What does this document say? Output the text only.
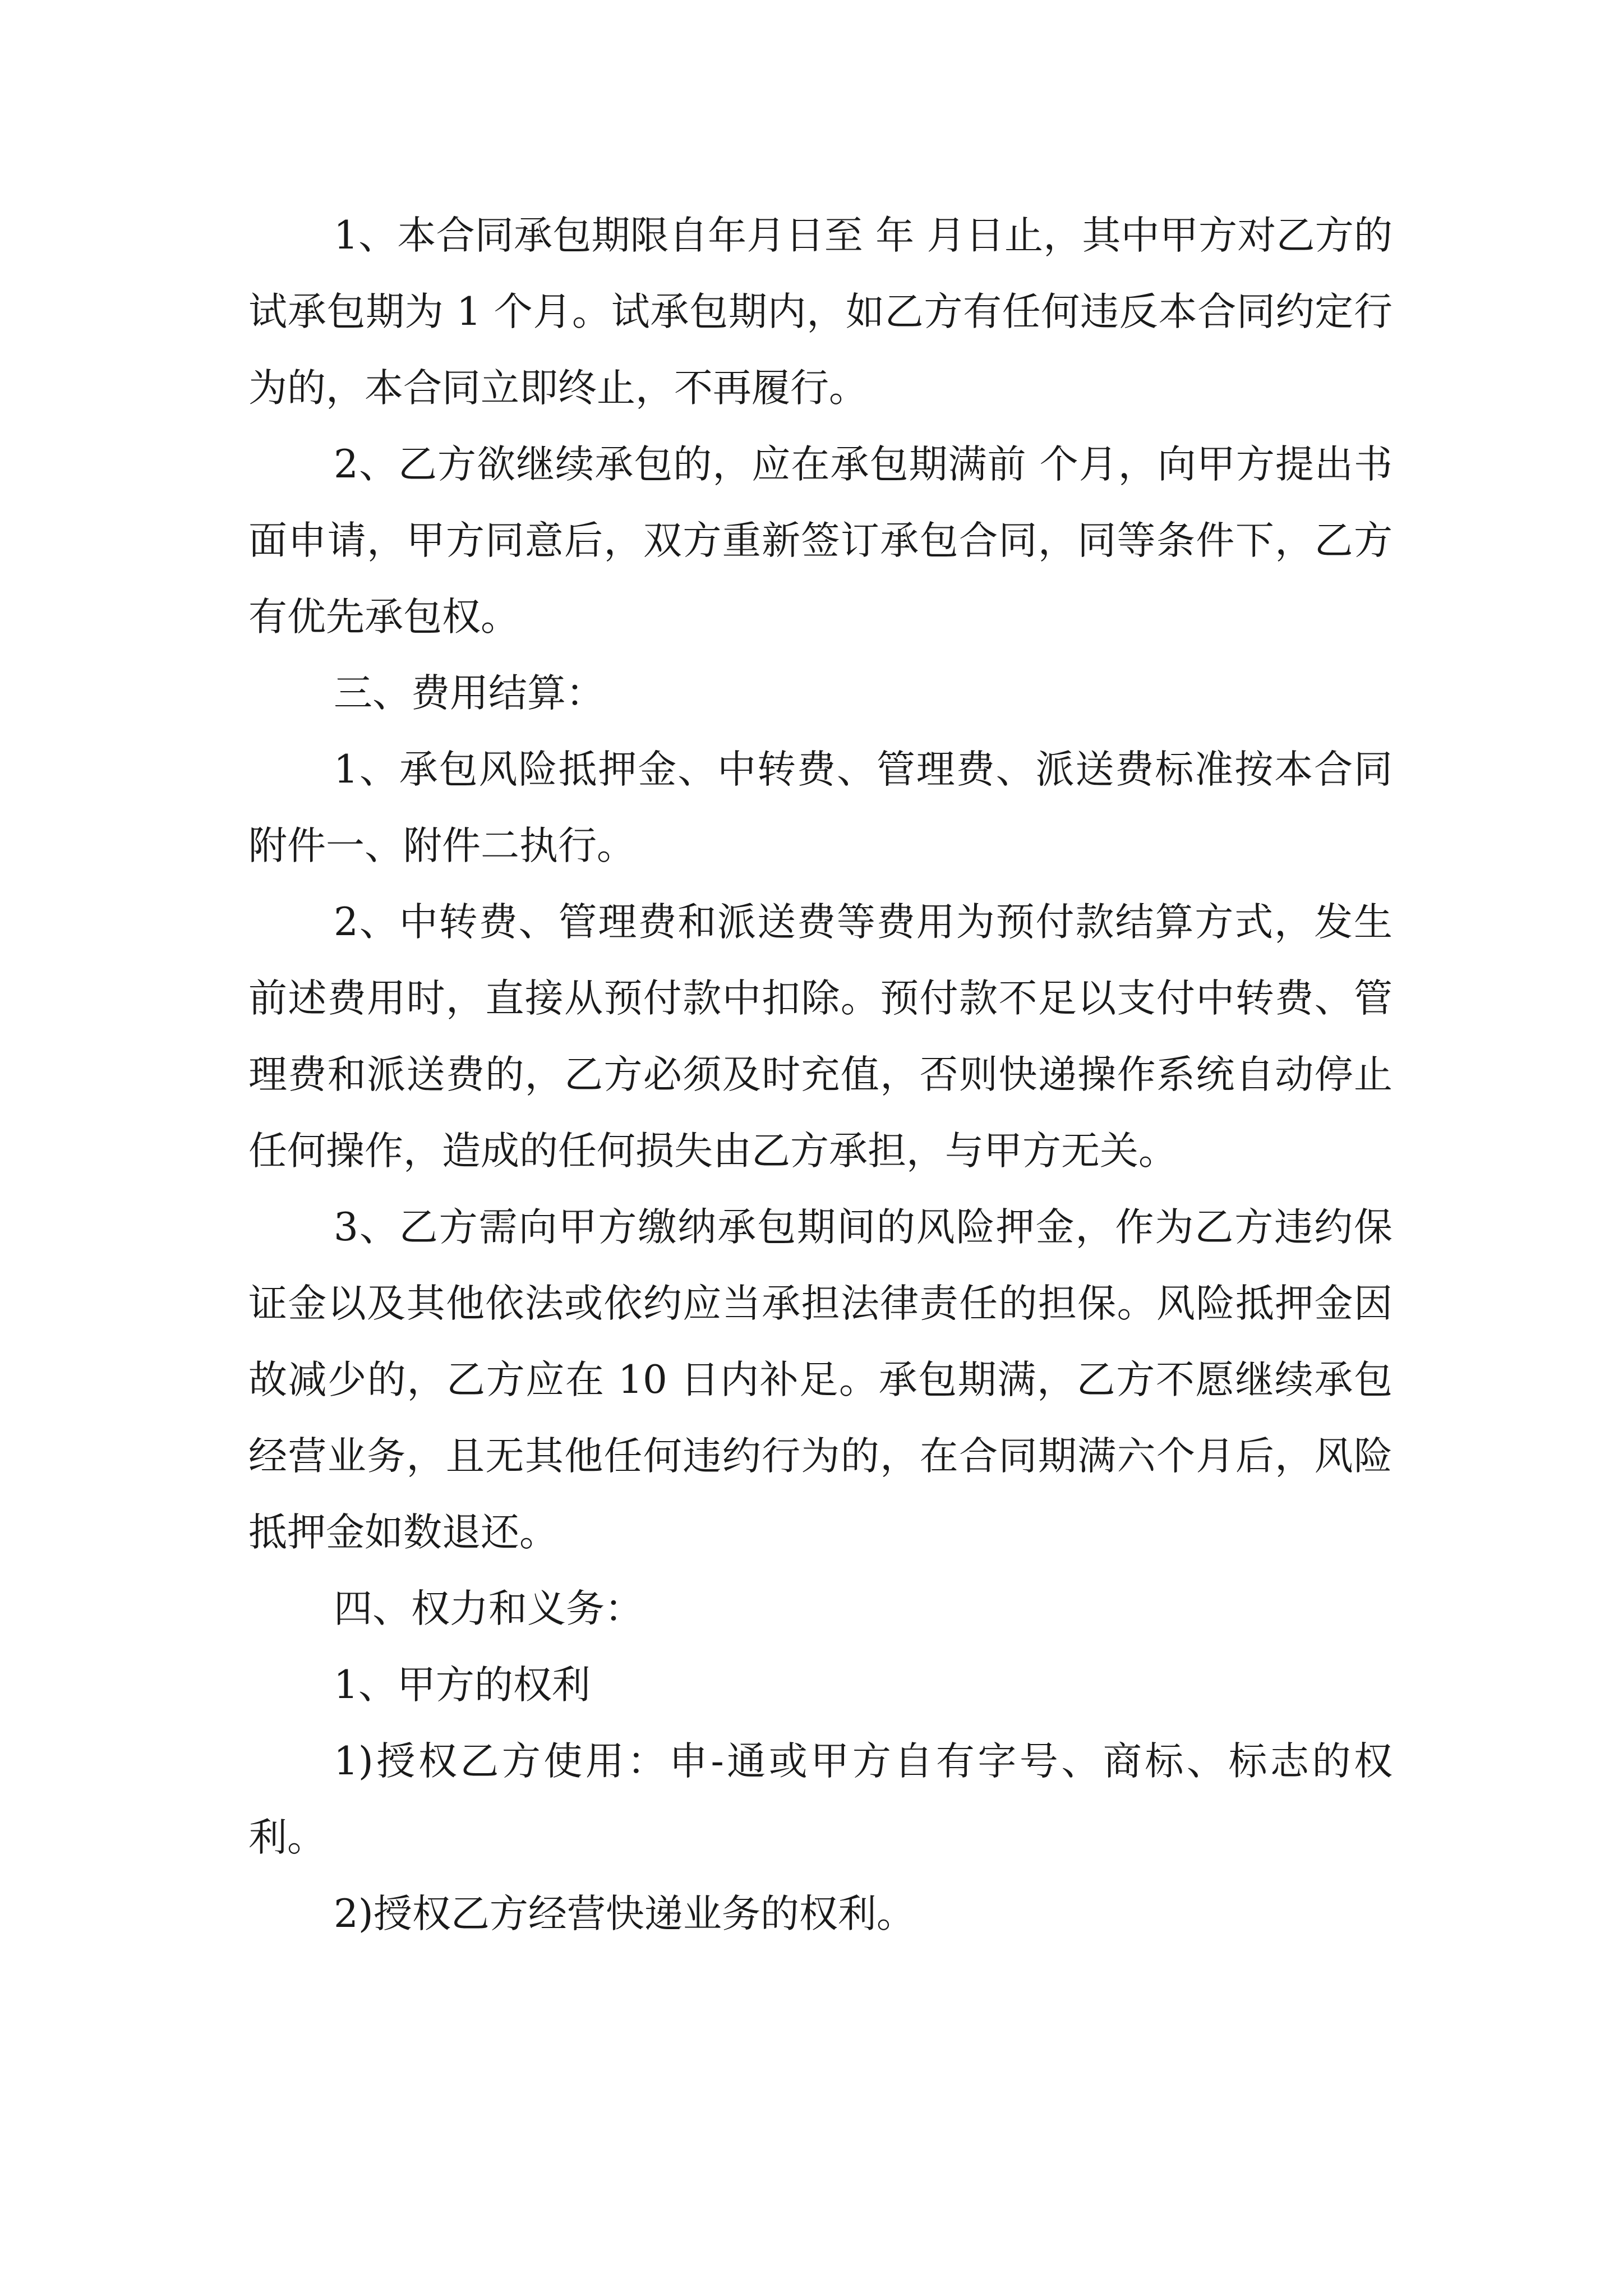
1、本合同承包期限自年月日至 年 月日止，其中甲方对乙方的试承包期为 1 个月。试承包期内，如乙方有任何违反本合同约定行为的，本合同立即终止，不再履行。

2、乙方欲继续承包的，应在承包期满前 个月，向甲方提出书面申请，甲方同意后，双方重新签订承包合同，同等条件下，乙方有优先承包权。

三、费用结算：

1、承包风险抵押金、中转费、管理费、派送费标准按本合同附件一、附件二执行。

2、中转费、管理费和派送费等费用为预付款结算方式，发生前述费用时，直接从预付款中扣除。预付款不足以支付中转费、管理费和派送费的，乙方必须及时充值，否则快递操作系统自动停止任何操作，造成的任何损失由乙方承担，与甲方无关。

3、乙方需向甲方缴纳承包期间的风险押金，作为乙方违约保证金以及其他依法或依约应当承担法律责任的担保。风险抵押金因故减少的，乙方应在 10 日内补足。承包期满，乙方不愿继续承包经营业务，且无其他任何违约行为的，在合同期满六个月后，风险抵押金如数退还。

四、权力和义务：

1、甲方的权利

1)授权乙方使用：申-通或甲方自有字号、商标、标志的权利。

2)授权乙方经营快递业务的权利。
